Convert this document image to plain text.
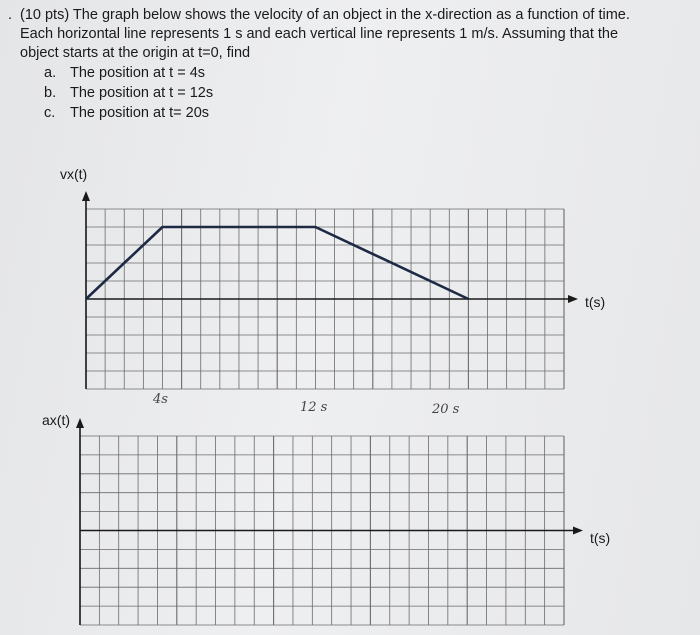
. (10 pts) The graph below shows the velocity of an object in the x-direction as a function of time.

Each horizontal line represents 1 s and each vertical line represents 1 m/s. Assuming that the

object starts at the origin at t=0, find

a. The position at t = 4s
b. The position at t = 12s
c. The position at t= 20s
vx(t)
t(s)
ax(t)
t(s)
4s
12 s	20 s
